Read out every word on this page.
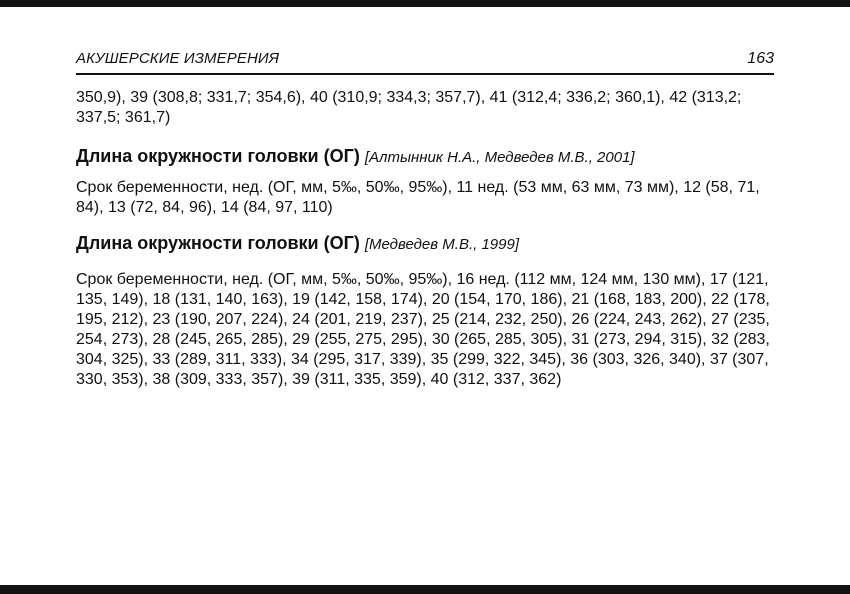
АКУШЕРСКИЕ ИЗМЕРЕНИЯ	163

350,9), 39 (308,8; 331,7; 354,6), 40 (310,9; 334,3; 357,7), 41 (312,4; 336,2; 360,1), 42 (313,2; 337,5; 361,7)

Длина окружности головки (ОГ) [Алтынник Н.А., Медведев М.В., 2001]

Срок беременности, нед. (ОГ, мм, 5‰, 50‰, 95‰), 11 нед. (53 мм, 63 мм, 73 мм), 12 (58, 71, 84), 13 (72, 84, 96), 14 (84, 97, 110)

Длина окружности головки (ОГ) [Медведев М.В., 1999]

Срок беременности, нед. (ОГ, мм, 5‰, 50‰, 95‰), 16 нед. (112 мм, 124 мм, 130 мм), 17 (121, 135, 149), 18 (131, 140, 163), 19 (142, 158, 174), 20 (154, 170, 186), 21 (168, 183, 200), 22 (178, 195, 212), 23 (190, 207, 224), 24 (201, 219, 237), 25 (214, 232, 250), 26 (224, 243, 262), 27 (235, 254, 273), 28 (245, 265, 285), 29 (255, 275, 295), 30 (265, 285, 305), 31 (273, 294, 315), 32 (283, 304, 325), 33 (289, 311, 333), 34 (295, 317, 339), 35 (299, 322, 345), 36 (303, 326, 340), 37 (307, 330, 353), 38 (309, 333, 357), 39 (311, 335, 359), 40 (312, 337, 362)
